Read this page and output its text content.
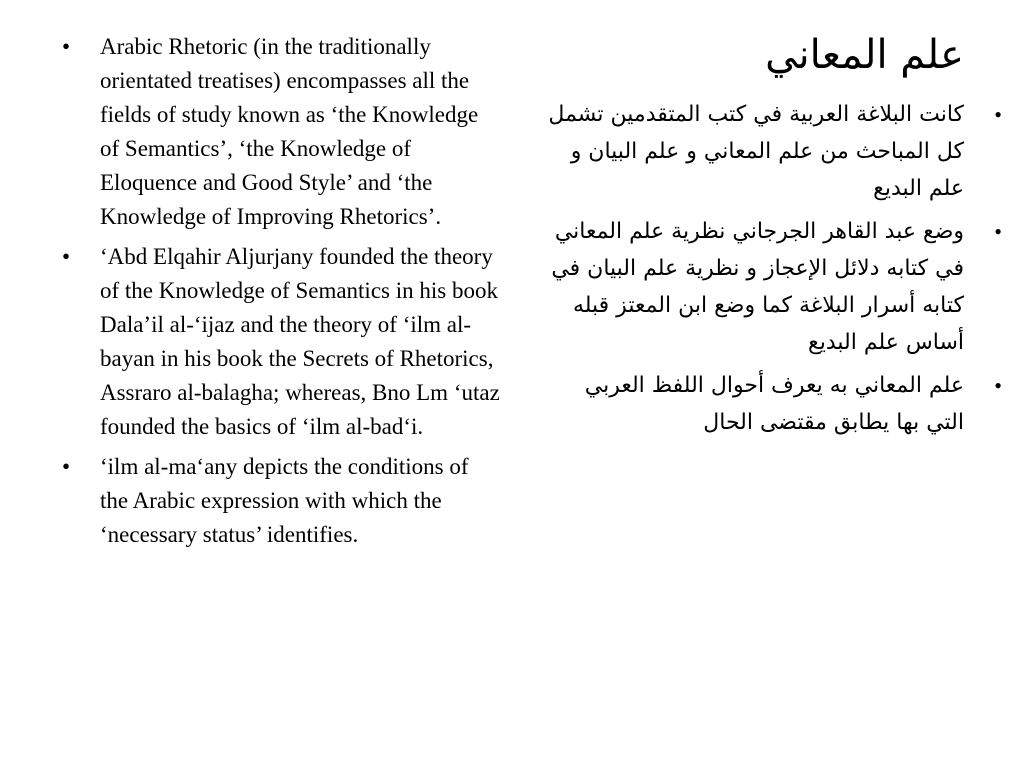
• Arabic Rhetoric (in the traditionally orientated treatises) encompasses all the fields of study known as ‘the Knowledge of Semantics’, ‘the Knowledge of Eloquence and Good Style’ and ‘the Knowledge of Improving Rhetorics’.
• ‘Abd Elqahir Aljurjany founded the theory of the Knowledge of Semantics in his book Dala’il al-‘ijaz and the theory of ‘ilm al-bayan in his book the Secrets of Rhetorics, Assraro al-balagha; whereas, Bno Lm ‘utaz founded the basics of ‘ilm al-bad‘i.
• ‘ilm al-ma‘any depicts the conditions of the Arabic expression with which the ‘necessary status’ identifies.
علم المعاني
•
كانت البلاغة العربية في كتب المتقدمين تشمل كل المباحث من علم المعاني و علم البيان و علم البديع
•
وضع عبد القاهر الجرجاني نظرية علم المعاني في كتابه دلائل الإعجاز و نظرية علم البيان في كتابه أسرار البلاغة كما وضع ابن المعتز قبله أساس علم البديع
•
علم المعاني به يعرف أحوال اللفظ العربي التي بها يطابق مقتضى الحال
